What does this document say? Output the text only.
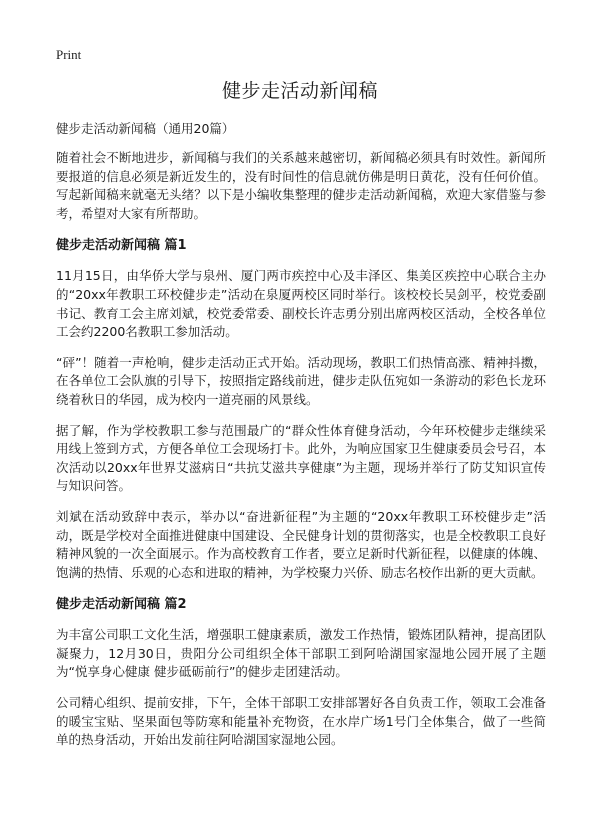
Print
健步走活动新闻稿
健步走活动新闻稿（通用20篇）

随着社会不断地进步，新闻稿与我们的关系越来越密切，新闻稿必须具有时效性。新闻所要报道的信息必须是新近发生的，没有时间性的信息就仿佛是明日黄花，没有任何价值。写起新闻稿来就毫无头绪？以下是小编收集整理的健步走活动新闻稿，欢迎大家借鉴与参考，希望对大家有所帮助。

健步走活动新闻稿 篇1

11月15日，由华侨大学与泉州、厦门两市疾控中心及丰泽区、集美区疾控中心联合主办的“20xx年教职工环校健步走”活动在泉厦两校区同时举行。该校校长吴剑平，校党委副书记、教育工会主席刘斌，校党委常委、副校长许志勇分别出席两校区活动，全校各单位工会约2200名教职工参加活动。

“砰”！随着一声枪响，健步走活动正式开始。活动现场，教职工们热情高涨、精神抖擞，在各单位工会队旗的引导下，按照指定路线前进，健步走队伍宛如一条游动的彩色长龙环绕着秋日的华园，成为校内一道亮丽的风景线。

据了解，作为学校教职工参与范围最广的“群众性体育健身活动，今年环校健步走继续采用线上签到方式，方便各单位工会现场打卡。此外，为响应国家卫生健康委员会号召，本次活动以20xx年世界艾滋病日“共抗艾滋共享健康”为主题，现场并举行了防艾知识宣传与知识问答。

刘斌在活动致辞中表示，举办以“奋进新征程”为主题的“20xx年教职工环校健步走”活动，既是学校对全面推进健康中国建设、全民健身计划的贯彻落实，也是全校教职工良好精神风貌的一次全面展示。作为高校教育工作者，要立足新时代新征程，以健康的体魄、饱满的热情、乐观的心态和进取的精神，为学校聚力兴侨、励志名校作出新的更大贡献。

健步走活动新闻稿 篇2

为丰富公司职工文化生活，增强职工健康素质，激发工作热情，锻炼团队精神，提高团队凝聚力，12月30日，贵阳分公司组织全体干部职工到阿哈湖国家湿地公园开展了主题为“悦享身心健康 健步砥砺前行”的健步走团建活动。

公司精心组织、提前安排，下午，全体干部职工安排部署好各自负责工作，领取工会准备的暖宝宝贴、坚果面包等防寒和能量补充物资，在水岸广场1号门全体集合，做了一些简单的热身活动，开始出发前往阿哈湖国家湿地公园。
